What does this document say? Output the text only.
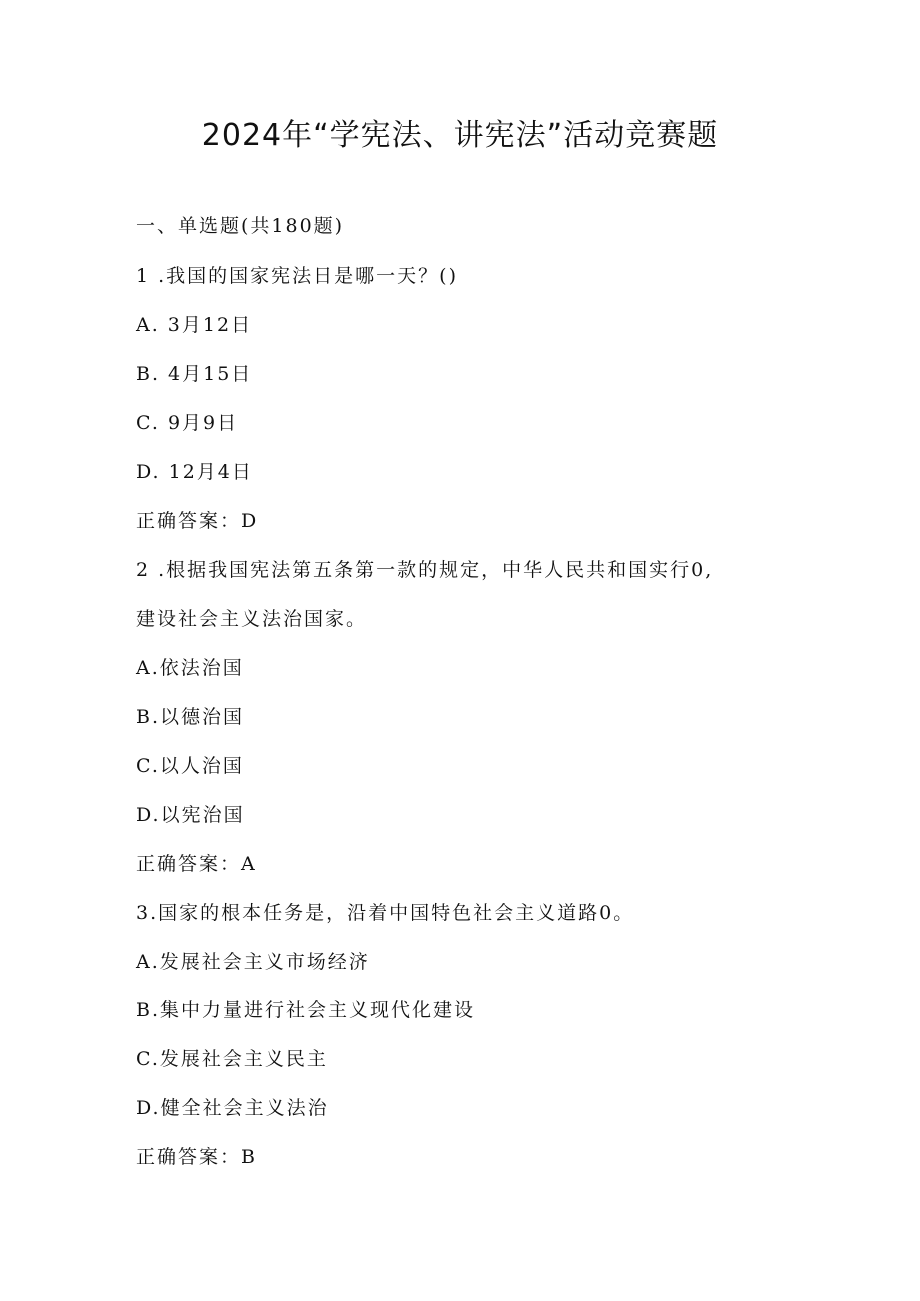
2024年“学宪法、讲宪法”活动竞赛题
一、单选题(共180题)
1 .我国的国家宪法日是哪一天？()
A. 3月12日
B. 4月15日
C. 9月9日
D. 12月4日
正确答案：D
2 .根据我国宪法第五条第一款的规定，中华人民共和国实行0,
建设社会主义法治国家。
A.依法治国
B.以德治国
C.以人治国
D.以宪治国
正确答案：A
3.国家的根本任务是，沿着中国特色社会主义道路0。
A.发展社会主义市场经济
B.集中力量进行社会主义现代化建设
C.发展社会主义民主
D.健全社会主义法治
正确答案：B
